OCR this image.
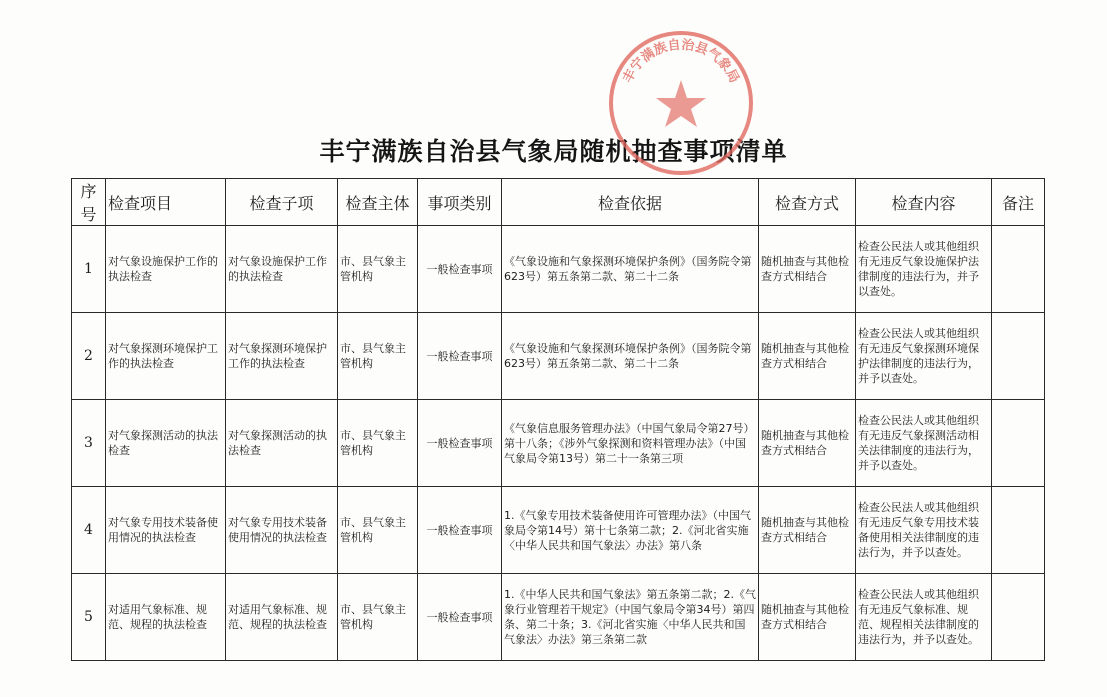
丰宁满族自治县气象局随机抽查事项清单
丰宁满族自治县气象局
序号	检查项目	检查子项	检查主体	事项类别	检查依据	检查方式	检查内容	备注
1	对气象设施保护工作的执法检查	对气象设施保护工作的执法检查	市、县气象主管机构	一般检查事项	《气象设施和气象探测环境保护条例》（国务院令第623号）第五条第二款、第二十二条	随机抽查与其他检查方式相结合	检查公民法人或其他组织有无违反气象设施保护法律制度的违法行为，并予以查处。	
2	对气象探测环境保护工作的执法检查	对气象探测环境保护工作的执法检查	市、县气象主管机构	一般检查事项	《气象设施和气象探测环境保护条例》（国务院令第623号）第五条第二款、第二十二条	随机抽查与其他检查方式相结合	检查公民法人或其他组织有无违反气象探测环境保护法律制度的违法行为，并予以查处。	
3	对气象探测活动的执法检查	对气象探测活动的执法检查	市、县气象主管机构	一般检查事项	《气象信息服务管理办法》（中国气象局令第27号）第十八条；《涉外气象探测和资料管理办法》（中国气象局令第13号）第二十一条第三项	随机抽查与其他检查方式相结合	检查公民法人或其他组织有无违反气象探测活动相关法律制度的违法行为，并予以查处。	
4	对气象专用技术装备使用情况的执法检查	对气象专用技术装备使用情况的执法检查	市、县气象主管机构	一般检查事项	1.《气象专用技术装备使用许可管理办法》（中国气象局令第14号）第十七条第二款；2.《河北省实施〈中华人民共和国气象法〉办法》第八条	随机抽查与其他检查方式相结合	检查公民法人或其他组织有无违反气象专用技术装备使用相关法律制度的违法行为，并予以查处。	
5	对适用气象标准、规范、规程的执法检查	对适用气象标准、规范、规程的执法检查	市、县气象主管机构	一般检查事项	1.《中华人民共和国气象法》第五条第二款；2.《气象行业管理若干规定》（中国气象局令第34号）第四条、第二十条；3.《河北省实施〈中华人民共和国气象法〉办法》第三条第二款	随机抽查与其他检查方式相结合	检查公民法人或其他组织有无违反气象标准、规范、规程相关法律制度的违法行为，并予以查处。	
